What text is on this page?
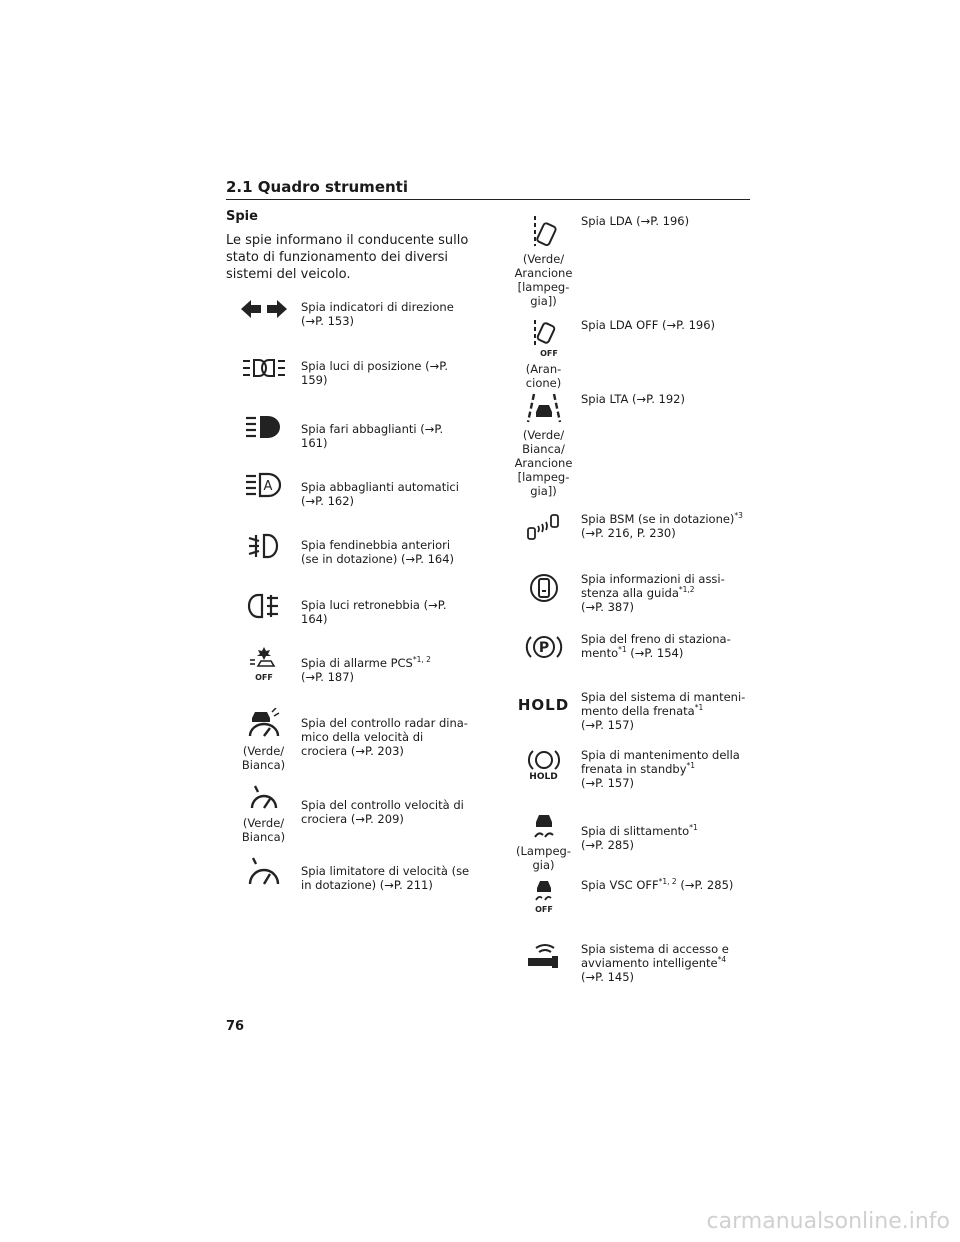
2.1 Quadro strumenti
Spie
Le spie informano il conducente sullo stato di funzionamento dei diversi sistemi del veicolo.
Spia indicatori di direzione (→P. 153)
Spia luci di posizione (→P. 159)
Spia fari abbaglianti (→P. 161)
A	Spia abbaglianti automatici (→P. 162)
Spia fendinebbia anteriori (se in dotazione) (→P. 164)
Spia luci retronebbia (→P. 164)
OFF
Spia di allarme PCS$^{*1, 2}$
(→P. 187)
(Verde/ Bianca)
Spia del controllo radar dina- mico della velocità di crociera (→P. 203)
(Verde/ Bianca)
Spia del controllo velocità di crociera (→P. 209)
Spia limitatore di velocità (se in dotazione) (→P. 211)
(Verde/ Arancione [lampeg- gia])
Spia LDA (→P. 196)
OFF
(Aran- cione)
Spia LDA OFF (→P. 196)
(Verde/ Bianca/ Arancione [lampeg- gia])
Spia LTA (→P. 192)
Spia BSM (se in dotazione)$^{*3}$ (→P. 216, P. 230)
Spia informazioni di assi- stenza alla guida$^{*1,2}$
(→P. 387)
P
Spia del freno di staziona- mento$^{*1}$ (→P. 154)
HOLD Spia del sistema di manteni- mento della frenata$^{*1}$
(→P. 157)
HOLD
Spia di mantenimento della frenata in standby$^{*1}$
(→P. 157)
(Lampeg- gia)
Spia di slittamento$^{*1}$
(→P. 285)
OFF
Spia VSC OFF$^{*1, 2}$ (→P. 285)
Spia sistema di accesso e avviamento intelligente$^{*4}$
(→P. 145)
76
carmanualsonline.info
